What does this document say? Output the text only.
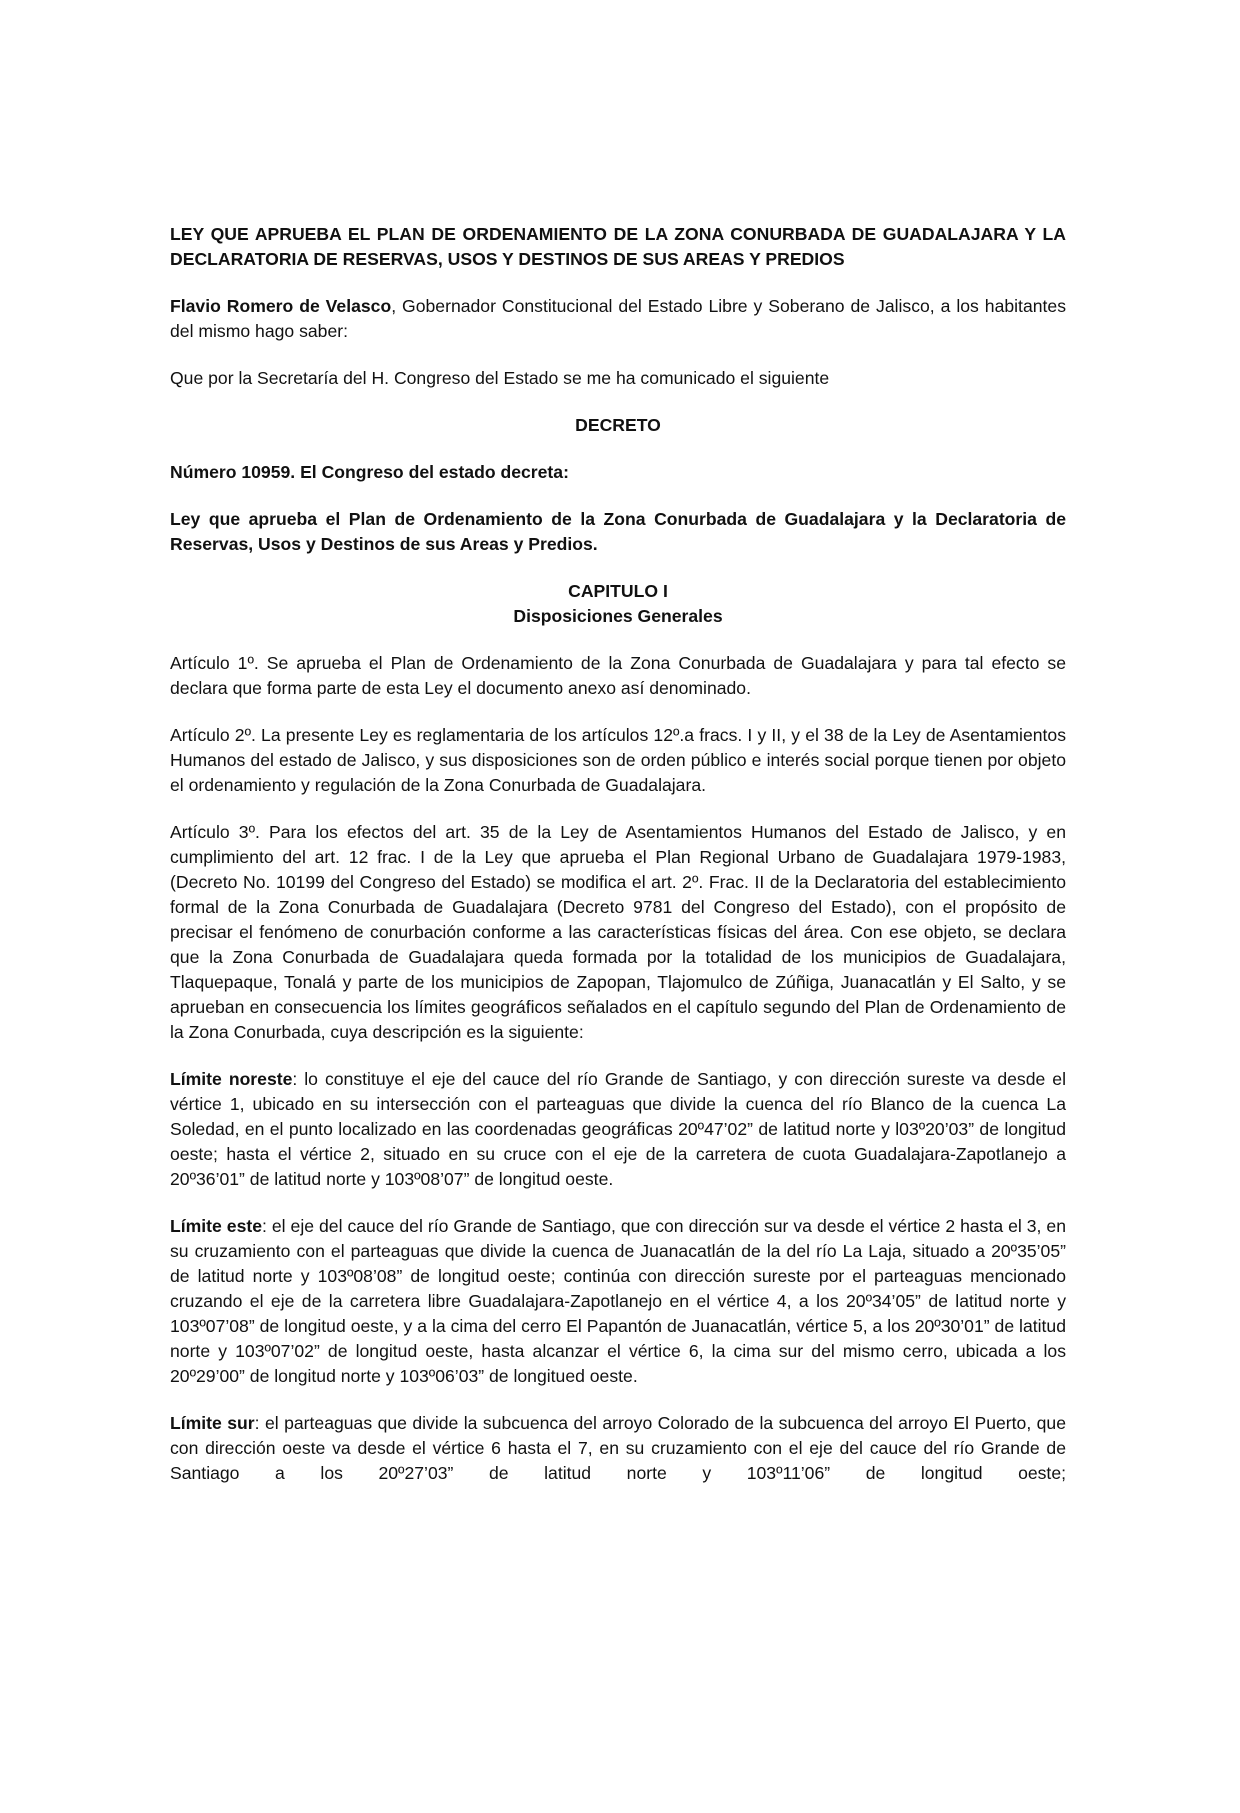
LEY QUE APRUEBA EL PLAN DE ORDENAMIENTO DE LA ZONA CONURBADA DE GUADALAJARA Y LA DECLARATORIA DE RESERVAS, USOS Y DESTINOS DE SUS AREAS Y PREDIOS

Flavio Romero de Velasco, Gobernador Constitucional del Estado Libre y Soberano de Jalisco, a los habitantes del mismo hago saber:

Que por la Secretaría del H. Congreso del Estado se me ha comunicado el siguiente

DECRETO
Número 10959. El Congreso del estado decreta:
Ley que aprueba el Plan de Ordenamiento de la Zona Conurbada de Guadalajara y la Declaratoria de Reservas, Usos y Destinos de sus Areas y Predios.
CAPITULO I
Disposiciones Generales

Artículo 1º. Se aprueba el Plan de Ordenamiento de la Zona Conurbada de Guadalajara y para tal efecto se declara que forma parte de esta Ley el documento anexo así denominado.

Artículo 2º. La presente Ley es reglamentaria de los artículos 12º.a fracs. I y II, y el 38 de la Ley de Asentamientos Humanos del estado de Jalisco, y sus disposiciones son de orden público e interés social porque tienen por objeto el ordenamiento y regulación de la Zona Conurbada de Guadalajara.

Artículo 3º. Para los efectos del art. 35 de la Ley de Asentamientos Humanos del Estado de Jalisco, y en cumplimiento del art. 12 frac. I de la Ley que aprueba el Plan Regional Urbano de Guadalajara 1979-1983, (Decreto No. 10199 del Congreso del Estado) se modifica el art. 2º. Frac. II de la Declaratoria del establecimiento formal de la Zona Conurbada de Guadalajara (Decreto 9781 del Congreso del Estado), con el propósito de precisar el fenómeno de conurbación conforme a las características físicas del área. Con ese objeto, se declara que la Zona Conurbada de Guadalajara queda formada por la totalidad de los municipios de Guadalajara, Tlaquepaque, Tonalá y parte de los municipios de Zapopan, Tlajomulco de Zúñiga, Juanacatlán y El Salto, y se aprueban en consecuencia los límites geográficos señalados en el capítulo segundo del Plan de Ordenamiento de la Zona Conurbada, cuya descripción es la siguiente:

Límite noreste: lo constituye el eje del cauce del río Grande de Santiago, y con dirección sureste va desde el vértice 1, ubicado en su intersección con el parteaguas que divide la cuenca del río Blanco de la cuenca La Soledad, en el punto localizado en las coordenadas geográficas 20º47’02” de latitud norte y l03º20’03” de longitud oeste; hasta el vértice 2, situado en su cruce con el eje de la carretera de cuota Guadalajara-Zapotlanejo a 20º36’01” de latitud norte y 103º08’07” de longitud oeste.

Límite este: el eje del cauce del río Grande de Santiago, que con dirección sur va desde el vértice 2 hasta el 3, en su cruzamiento con el parteaguas que divide la cuenca de Juanacatlán de la del río La Laja, situado a 20º35’05” de latitud norte y 103º08’08” de longitud oeste; continúa con dirección sureste por el parteaguas mencionado cruzando el eje de la carretera libre Guadalajara-Zapotlanejo en el vértice 4, a los 20º34’05” de latitud norte y 103º07’08” de longitud oeste, y a la cima del cerro El Papantón de Juanacatlán, vértice 5, a los 20º30’01” de latitud norte y 103º07’02” de longitud oeste, hasta alcanzar el vértice 6, la cima sur del mismo cerro, ubicada a los 20º29’00” de longitud norte y 103º06’03” de longitued oeste.

Límite sur: el parteaguas que divide la subcuenca del arroyo Colorado de la subcuenca del arroyo El Puerto, que con dirección oeste va desde el vértice 6 hasta el 7, en su cruzamiento con el eje del cauce del río Grande de Santiago a los 20º27’03” de latitud norte y 103º11’06” de longitud oeste;
